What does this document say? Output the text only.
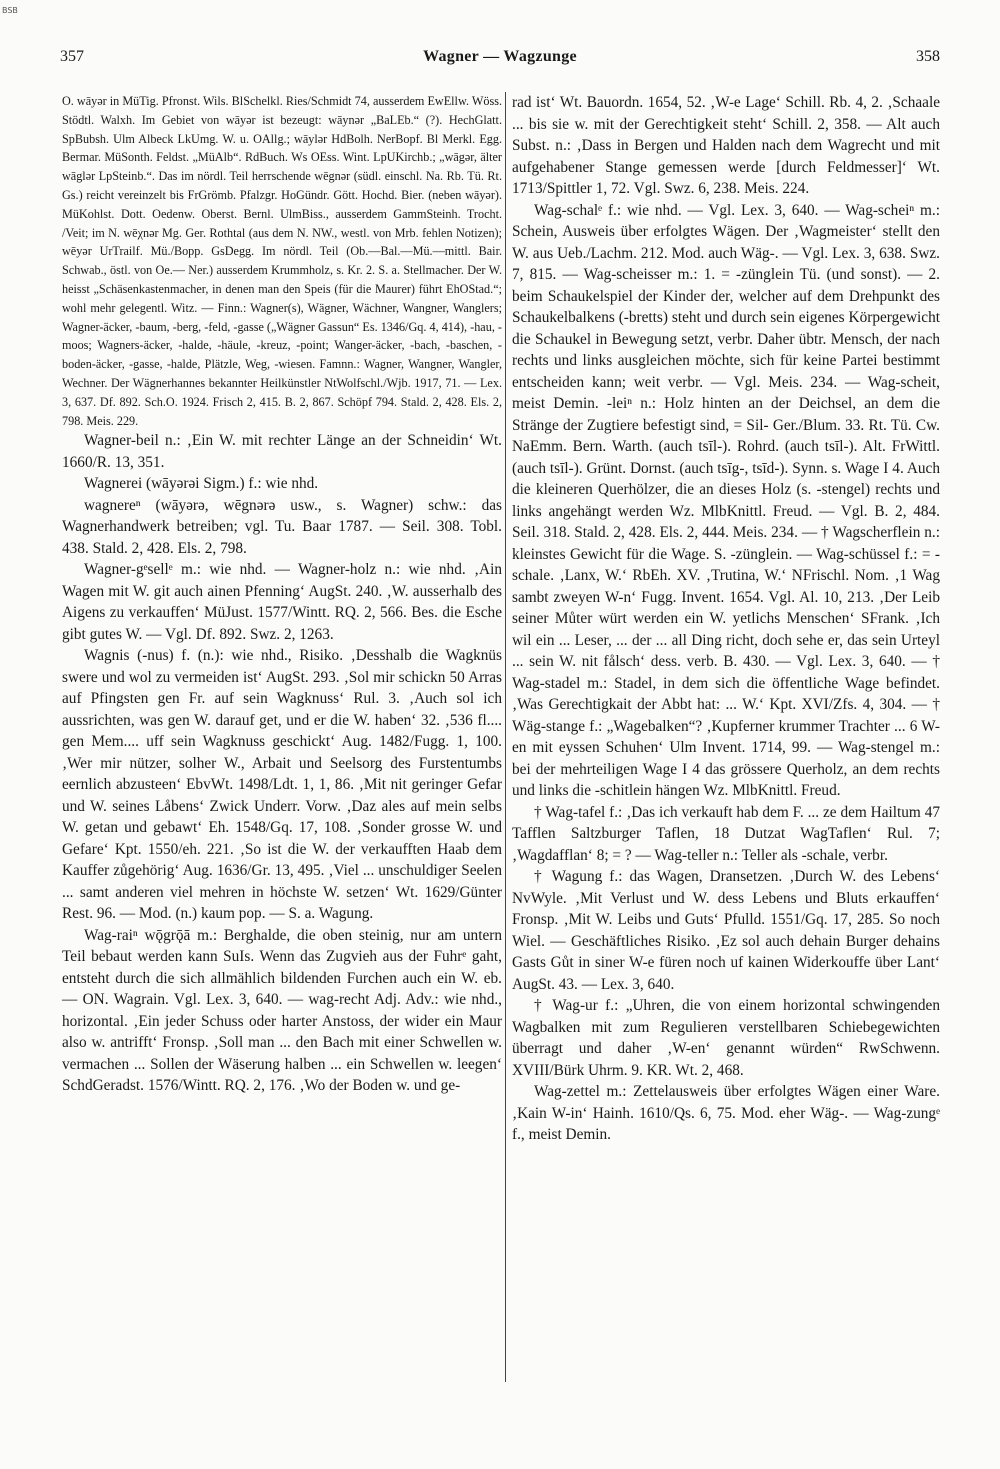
BSB
357	Wagner — Wagzunge	358

O. wāyər in MüTig. Pfronst. Wils. BlSchelkl. Ries/Schmidt 74, ausserdem EwEllw. Wöss. Stödtl. Walxh. Im Gebiet von wāyər ist bezeugt: wāynər „BaLEb.“ (?). HechGlatt. SpBubsh. Ulm Albeck LkUmg. W. u. OAllg.; wāylər HdBolh. NerBopf. Bl Merkl. Egg. Bermar. MüSonth. Feldst. „MüAlb“. RdBuch. Ws OEss. Wint. LpUKirchb.; „wāgər, älter wāglər LpSteinb.“. Das im nördl. Teil herrschende wēgnər (südl. einschl. Na. Rb. Tü. Rt. Gs.) reicht vereinzelt bis FrGrömb. Pfalzgr. HoGündr. Gött. Hochd. Bier. (neben wāyər). MüKohlst. Dott. Oedenw. Oberst. Bernl. UlmBiss., ausserdem GammSteinh. Trocht. /Veit; im N. wēχnər Mg. Ger. Rothtal (aus dem N. NW., westl. von Mrb. fehlen Notizen); wēyər UrTrailf. Mü./Bopp. GsDegg. Im nördl. Teil (Ob.—Bal.—Mü.—mittl. Bair. Schwab., östl. von Oe.— Ner.) ausserdem Krummholz, s. Kr. 2. S. a. Stellmacher. Der W. heisst „Schäsenkastenmacher, in denen man den Speis (für die Maurer) führt EhOStad.“; wohl mehr gelegentl. Witz. — Finn.: Wagner(s), Wägner, Wächner, Wangner, Wanglers; Wagner-äcker, -baum, -berg, -feld, -gasse („Wägner Gassun“ Es. 1346/Gq. 4, 414), -hau, -moos; Wagners-äcker, -halde, -häule, -kreuz, -point; Wanger-äcker, -bach, -baschen, -boden-äcker, -gasse, -halde, Plätzle, Weg, -wiesen. Famnn.: Wagner, Wangner, Wangler, Wechner. Der Wägnerhannes bekannter Heilkünstler NtWolfschl./Wjb. 1917, 71. — Lex. 3, 637. Df. 892. Sch.O. 1924. Frisch 2, 415. B. 2, 867. Schöpf 794. Stald. 2, 428. Els. 2, 798. Meis. 229.

Wagner-beil n.: ‚Ein W. mit rechter Länge an der Schneidin‘ Wt. 1660/R. 13, 351.

Wagnerei (wāyərəi Sigm.) f.: wie nhd.

wagnereⁿ (wāyərə, wēgnərə usw., s. Wagner) schw.: das Wagnerhandwerk betreiben; vgl. Tu. Baar 1787. — Seil. 308. Tobl. 438. Stald. 2, 428. Els. 2, 798.

Wagner-gᵉsellᵉ m.: wie nhd. — Wagner-holz n.: wie nhd. ‚Ain Wagen mit W. git auch ainen Pfenning‘ AugSt. 240. ‚W. ausserhalb des Aigens zu verkauffen‘ MüJust. 1577/Wintt. RQ. 2, 566. Bes. die Esche gibt gutes W. — Vgl. Df. 892. Swz. 2, 1263.

Wagnis (-nus) f. (n.): wie nhd., Risiko. ‚Desshalb die Wagknüs swere und wol zu vermeiden ist‘ AugSt. 293. ‚Sol mir schickn 50 Arras auf Pfingsten gen Fr. auf sein Wagknuss‘ Rul. 3. ‚Auch sol ich aussrichten, was gen W. darauf get, und er die W. haben‘ 32. ‚536 fl.... gen Mem.... uff sein Wagknuss geschickt‘ Aug. 1482/Fugg. 1, 100. ‚Wer mir nützer, solher W., Arbait und Seelsorg des Furstentumbs eernlich abzusteen‘ EbvWt. 1498/Ldt. 1, 1, 86. ‚Mit nit geringer Gefar und W. seines Låbens‘ Zwick Underr. Vorw. ‚Daz ales auf mein selbs W. getan und gebawt‘ Eh. 1548/Gq. 17, 108. ‚Sonder grosse W. und Gefare‘ Kpt. 1550/eh. 221. ‚So ist die W. der verkaufften Haab dem Kauffer zůgehörig‘ Aug. 1636/Gr. 13, 495. ‚Viel ... unschuldiger Seelen ... samt anderen viel mehren in höchste W. setzen‘ Wt. 1629/Günter Rest. 96. — Mod. (n.) kaum pop. — S. a. Wagung.

Wag-raiⁿ wǭgrǭā m.: Berghalde, die oben steinig, nur am untern Teil bebaut werden kann SuIs. Wenn das Zugvieh aus der Fuhrᵉ gaht, entsteht durch die sich allmählich bildenden Furchen auch ein W. eb. — ON. Wagrain. Vgl. Lex. 3, 640. — wag-recht Adj. Adv.: wie nhd., horizontal. ‚Ein jeder Schuss oder harter Anstoss, der wider ein Maur also w. antrifft‘ Fronsp. ‚Soll man ... den Bach mit einer Schwellen w. vermachen ... Sollen der Wäserung halben ... ein Schwellen w. leegen‘ SchdGeradst. 1576/Wintt. RQ. 2, 176. ‚Wo der Boden w. und ge-

rad ist‘ Wt. Bauordn. 1654, 52. ‚W-e Lage‘ Schill. Rb. 4, 2. ‚Schaale ... bis sie w. mit der Gerechtigkeit steht‘ Schill. 2, 358. — Alt auch Subst. n.: ‚Dass in Bergen und Halden nach dem Wagrecht und mit aufgehabener Stange gemessen werde [durch Feldmesser]‘ Wt. 1713/Spittler 1, 72. Vgl. Swz. 6, 238. Meis. 224.

Wag-schalᵉ f.: wie nhd. — Vgl. Lex. 3, 640. — Wag-scheiⁿ m.: Schein, Ausweis über erfolgtes Wägen. Der ‚Wagmeister‘ stellt den W. aus Ueb./Lachm. 212. Mod. auch Wäg-. — Vgl. Lex. 3, 638. Swz. 7, 815. — Wag-scheisser m.: 1. = -zünglein Tü. (und sonst). — 2. beim Schaukelspiel der Kinder der, welcher auf dem Drehpunkt des Schaukelbalkens (-bretts) steht und durch sein eigenes Körpergewicht die Schaukel in Bewegung setzt, verbr. Daher übtr. Mensch, der nach rechts und links ausgleichen möchte, sich für keine Partei bestimmt entscheiden kann; weit verbr. — Vgl. Meis. 234. — Wag-scheit, meist Demin. -leiⁿ n.: Holz hinten an der Deichsel, an dem die Stränge der Zugtiere befestigt sind, = Sil- Ger./Blum. 33. Rt. Tü. Cw. NaEmm. Bern. Warth. (auch tsīl-). Rohrd. (auch tsīl-). Alt. FrWittl. (auch tsīl-). Grünt. Dornst. (auch tsīg-, tsīd-). Synn. s. Wage I 4. Auch die kleineren Querhölzer, die an dieses Holz (s. -stengel) rechts und links angehängt werden Wz. MlbKnittl. Freud. — Vgl. B. 2, 484. Seil. 318. Stald. 2, 428. Els. 2, 444. Meis. 234. — † Wagscherflein n.: kleinstes Gewicht für die Wage. S. -zünglein. — Wag-schüssel f.: = -schale. ‚Lanx, W.‘ RbEh. XV. ‚Trutina, W.‘ NFrischl. Nom. ‚1 Wag sambt zweyen W-n‘ Fugg. Invent. 1654. Vgl. Al. 10, 213. ‚Der Leib seiner Můter würt werden ein W. yetlichs Menschen‘ SFrank. ‚Ich wil ein ... Leser, ... der ... all Ding richt, doch sehe er, das sein Urteyl ... sein W. nit fålsch‘ dess. verb. B. 430. — Vgl. Lex. 3, 640. — † Wag-stadel m.: Stadel, in dem sich die öffentliche Wage befindet. ‚Was Gerechtigkait der Abbt hat: ... W.‘ Kpt. XVI/Zfs. 4, 304. — † Wäg-stange f.: „Wagebalken“? ‚Kupferner krummer Trachter ... 6 W-en mit eyssen Schuhen‘ Ulm Invent. 1714, 99. — Wag-stengel m.: bei der mehrteiligen Wage I 4 das grössere Querholz, an dem rechts und links die -schitlein hängen Wz. MlbKnittl. Freud.

† Wag-tafel f.: ‚Das ich verkauft hab dem F. ... ze dem Hailtum 47 Tafflen Saltzburger Taflen, 18 Dutzat WagTaflen‘ Rul. 7; ‚Wagdafflan‘ 8; = ? — Wag-teller n.: Teller als -schale, verbr.

† Wagung f.: das Wagen, Dransetzen. ‚Durch W. des Lebens‘ NvWyle. ‚Mit Verlust und W. dess Lebens und Bluts erkauffen‘ Fronsp. ‚Mit W. Leibs und Guts‘ Pfulld. 1551/Gq. 17, 285. So noch Wiel. — Geschäftliches Risiko. ‚Ez sol auch dehain Burger dehains Gasts Gůt in siner W-e füren noch uf kainen Widerkouffe über Lant‘ AugSt. 43. — Lex. 3, 640.

† Wag-ur f.: „Uhren, die von einem horizontal schwingenden Wagbalken mit zum Regulieren verstellbaren Schiebegewichten überragt und daher ‚W-en‘ genannt würden“ RwSchwenn. XVIII/Bürk Uhrm. 9. KR. Wt. 2, 468.

Wag-zettel m.: Zettelausweis über erfolgtes Wägen einer Ware. ‚Kain W-in‘ Hainh. 1610/Qs. 6, 75. Mod. eher Wäg-. — Wag-zungᵉ f., meist Demin.
